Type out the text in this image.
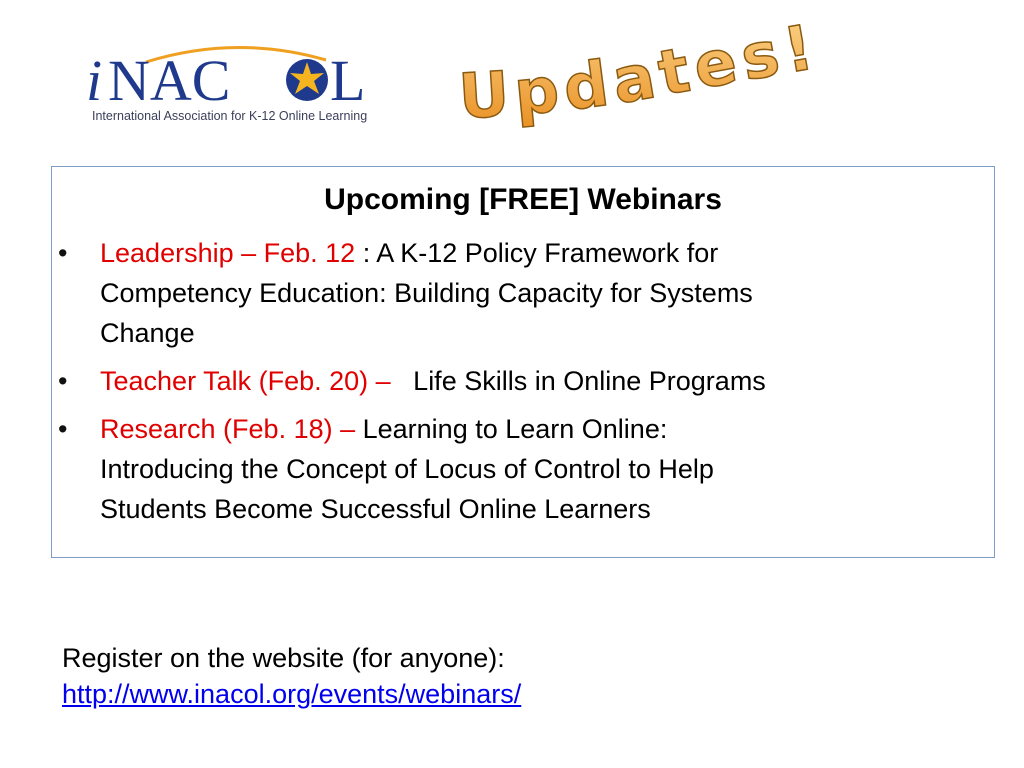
i NAC L
International Association for K-12 Online Learning	Updates!
Upcoming [FREE] Webinars
• Leadership – Feb. 12 : A K-12 Policy Framework for
Competency Education: Building Capacity for Systems
Change
• Teacher Talk (Feb. 20) – Life Skills in Online Programs
• Research (Feb. 18) – Learning to Learn Online:
Introducing the Concept of Locus of Control to Help
Students Become Successful Online Learners
Register on the website (for anyone):
http://www.inacol.org/events/webinars/
